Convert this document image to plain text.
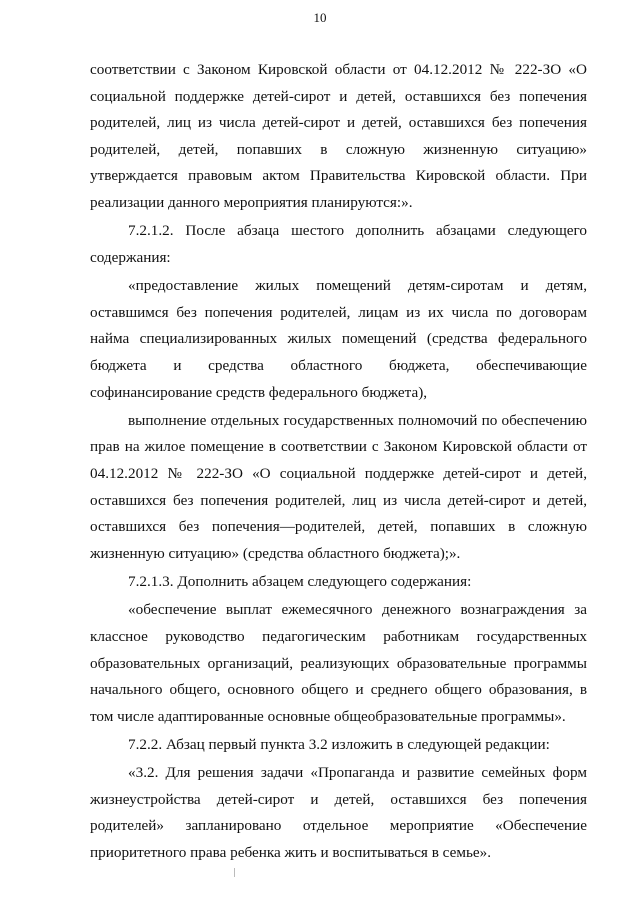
10

соответствии с Законом Кировской области от 04.12.2012 № 222-ЗО «О социальной поддержке детей-сирот и детей, оставшихся без попечения родителей, лиц из числа детей-сирот и детей, оставшихся без попечения родителей, детей, попавших в сложную жизненную ситуацию» утверждается правовым актом Правительства Кировской области. При реализации данного мероприятия планируются:».

7.2.1.2. После абзаца шестого дополнить абзацами следующего содержания:

«предоставление жилых помещений детям-сиротам и детям, оставшимся без попечения родителей, лицам из их числа по договорам найма специализированных жилых помещений (средства федерального бюджета и средства областного бюджета, обеспечивающие софинансирование средств федерального бюджета),

выполнение отдельных государственных полномочий по обеспечению прав на жилое помещение в соответствии с Законом Кировской области от 04.12.2012 № 222-ЗО «О социальной поддержке детей-сирот и детей, оставшихся без попечения родителей, лиц из числа детей-сирот и детей, оставшихся без попечения—родителей, детей, попавших в сложную жизненную ситуацию» (средства областного бюджета);».

7.2.1.3. Дополнить абзацем следующего содержания:

«обеспечение выплат ежемесячного денежного вознаграждения за классное руководство педагогическим работникам государственных образовательных организаций, реализующих образовательные программы начального общего, основного общего и среднего общего образования, в том числе адаптированные основные общеобразовательные программы».

7.2.2. Абзац первый пункта 3.2 изложить в следующей редакции:

«3.2. Для решения задачи «Пропаганда и развитие семейных форм жизнеустройства детей-сирот и детей, оставшихся без попечения родителей» запланировано отдельное мероприятие «Обеспечение приоритетного права ребенка жить и воспитываться в семье».
